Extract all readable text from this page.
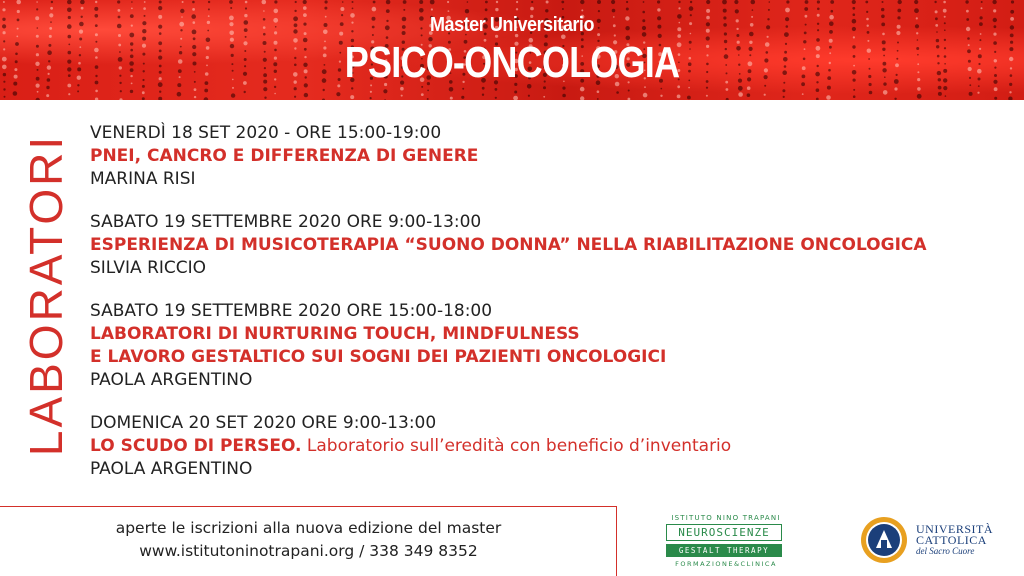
Master Universitario
PSICO-ONCOLOGIA
LABORATORI
VENERDÌ 18 SET 2020 - ORE 15:00-19:00
PNEI, CANCRO E DIFFERENZA DI GENERE
MARINA RISI
SABATO 19 SETTEMBRE 2020 ORE 9:00-13:00
ESPERIENZA DI MUSICOTERAPIA “SUONO DONNA” NELLA RIABILITAZIONE ONCOLOGICA
SILVIA RICCIO
SABATO 19 SETTEMBRE 2020 ORE 15:00-18:00
LABORATORI DI NURTURING TOUCH, MINDFULNESS
E LAVORO GESTALTICO SUI SOGNI DEI PAZIENTI ONCOLOGICI
PAOLA ARGENTINO
DOMENICA 20 SET 2020 ORE 9:00-13:00
LO SCUDO DI PERSEO. Laboratorio sull’eredità con beneficio d’inventario
PAOLA ARGENTINO
aperte le iscrizioni alla nuova edizione del master
www.istitutoninotrapani.org / 338 349 8352
ISTITUTO NINO TRAPANI
NEUROSCIENZE
GESTALT THERAPY
FORMAZIONE&CLINICA
UNIVERSITÀ
CATTOLICA
del Sacro Cuore
